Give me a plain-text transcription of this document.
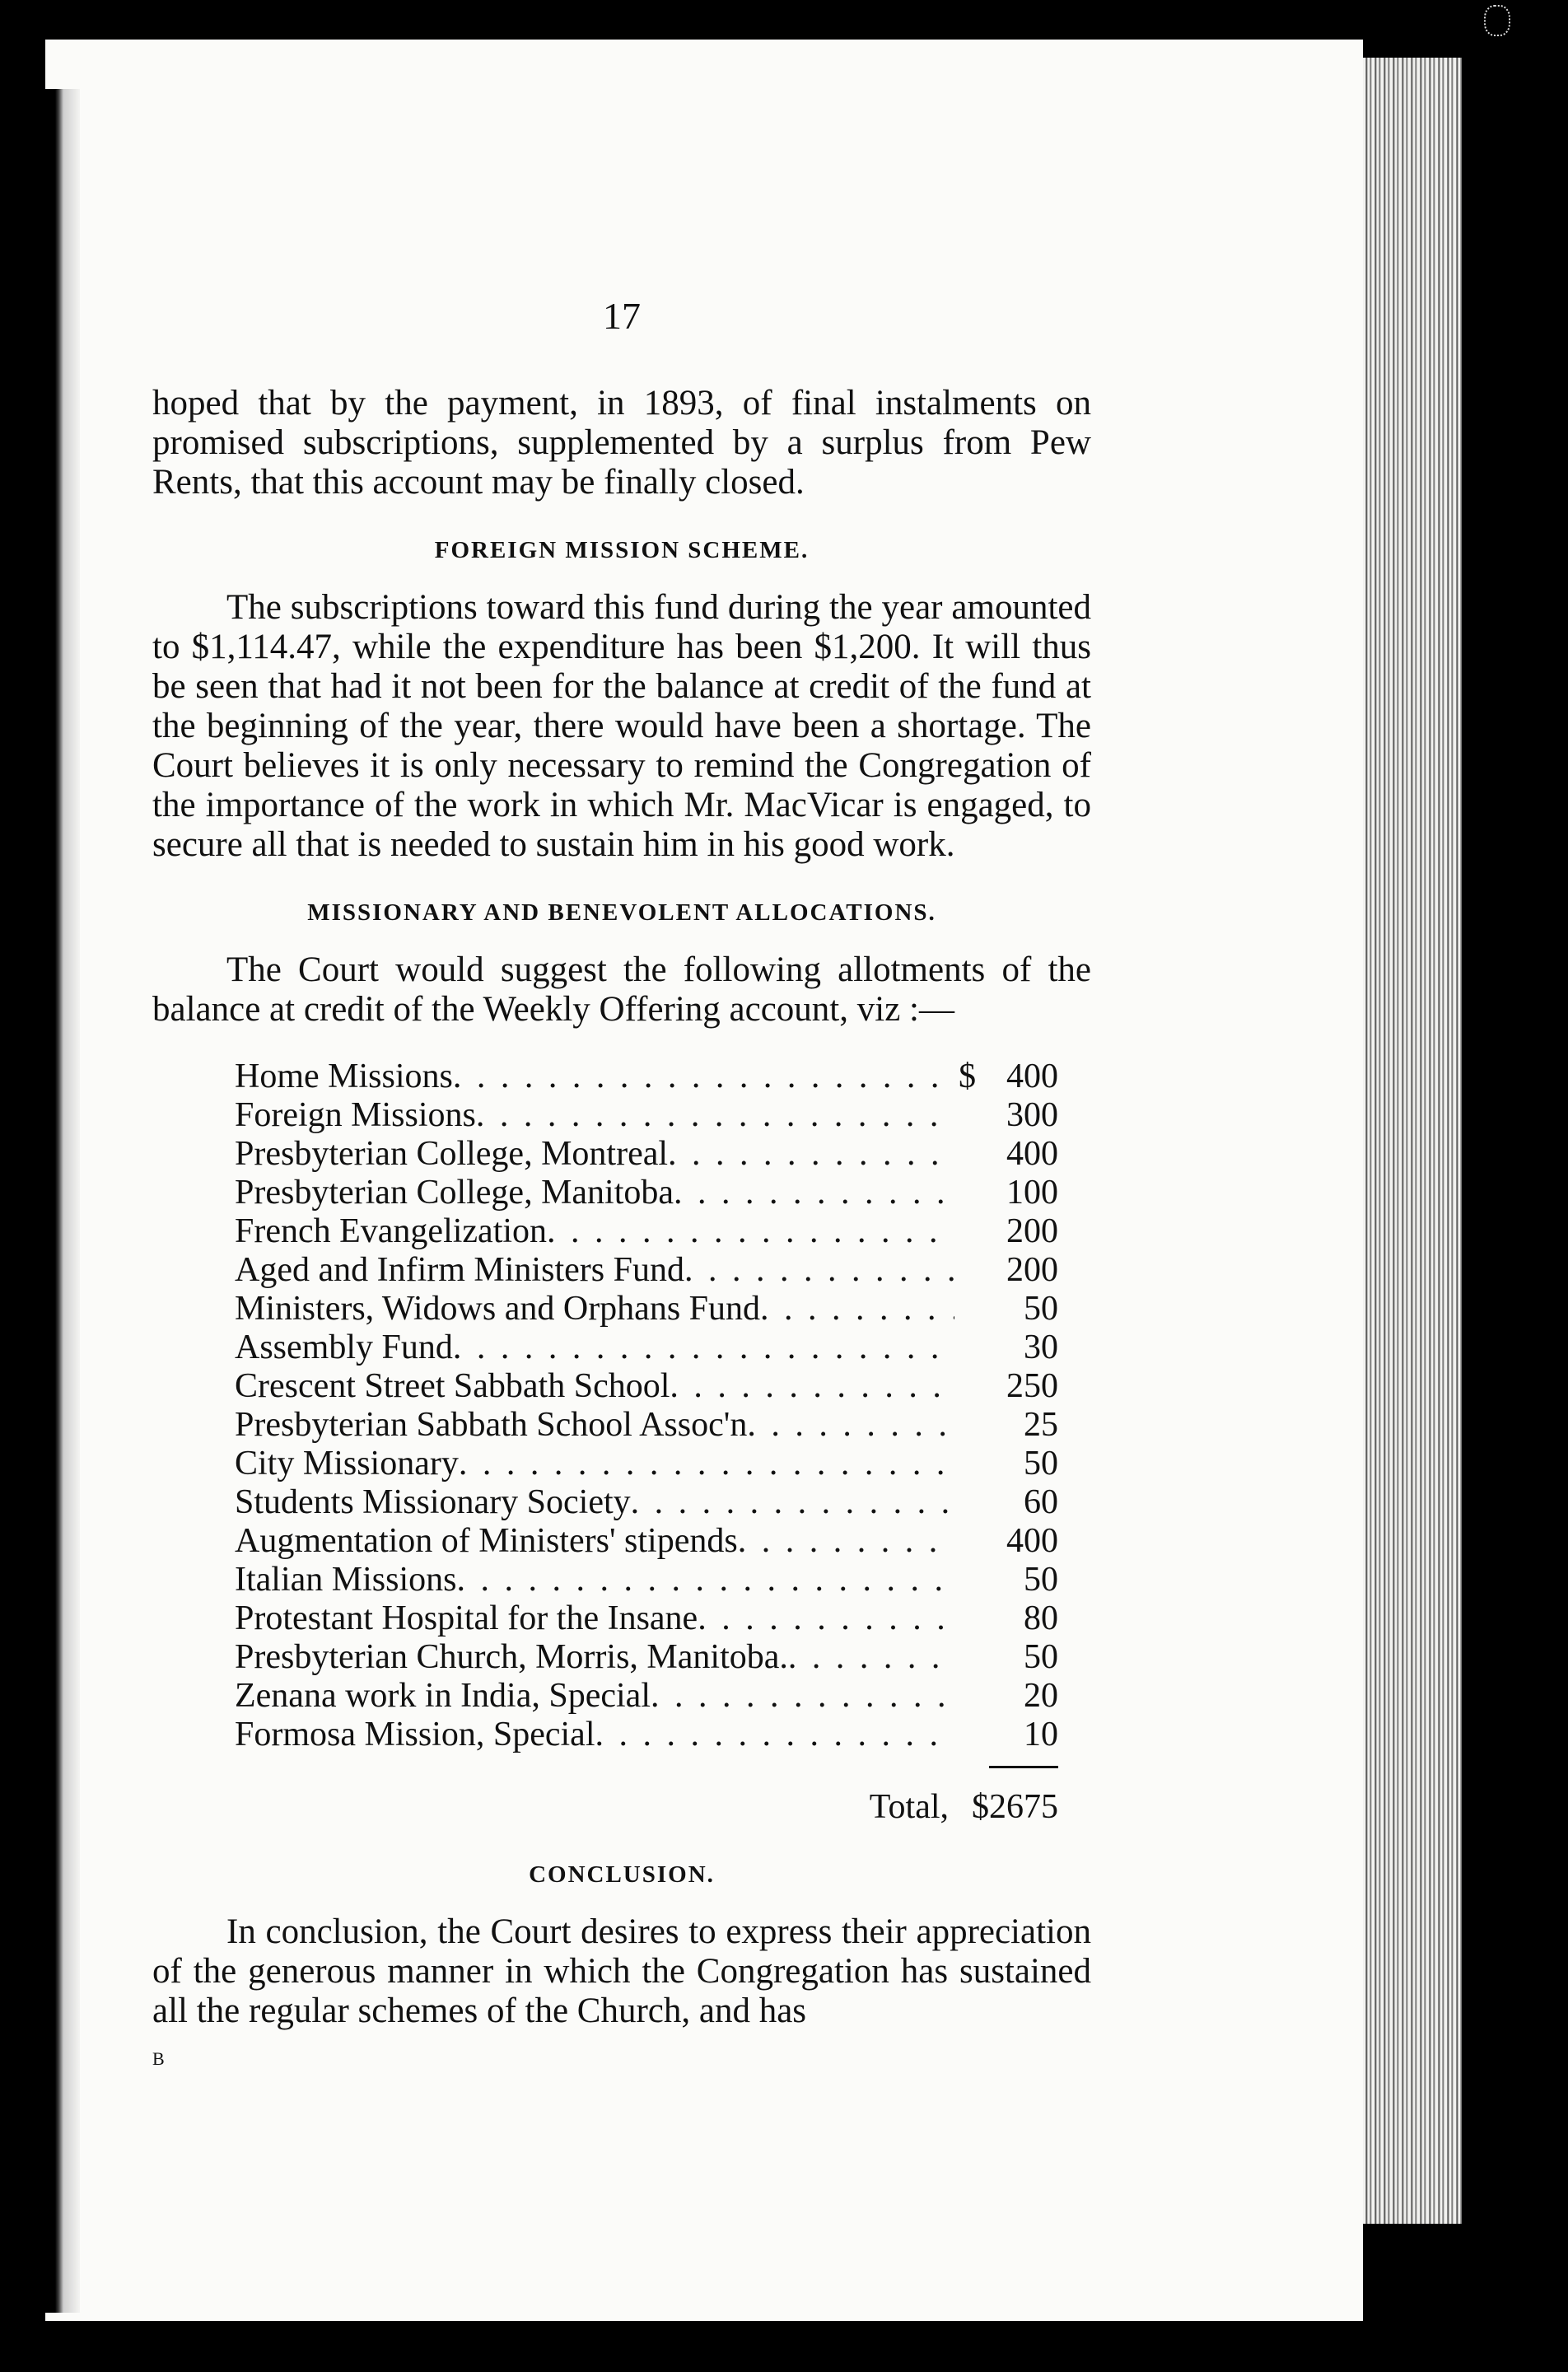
17

hoped that by the payment, in 1893, of final instalments on promised subscriptions, supplemented by a surplus from Pew Rents, that this account may be finally closed.

FOREIGN MISSION SCHEME.

The subscriptions toward this fund during the year amounted to $1,114.47, while the expenditure has been $1,200. It will thus be seen that had it not been for the balance at credit of the fund at the beginning of the year, there would have been a shortage. The Court believes it is only necessary to remind the Congregation of the importance of the work in which Mr. MacVicar is engaged, to secure all that is needed to sustain him in his good work.

MISSIONARY AND BENEVOLENT ALLOCATIONS.

The Court would suggest the following allotments of the balance at credit of the Weekly Offering account, viz :—

Home Missions . . .	$ 400
Foreign Missions . . .	300
Presbyterian College, Montreal . . .	400
Presbyterian College, Manitoba . . .	100
French Evangelization . . .	200
Aged and Infirm Ministers Fund . . .	200
Ministers, Widows and Orphans Fund . . .	50
Assembly Fund . . .	30
Crescent Street Sabbath School . . .	250
Presbyterian Sabbath School Assoc'n . . .	25
City Missionary . . .	50
Students Missionary Society . . .	60
Augmentation of Ministers' stipends . . .	400
Italian Missions . . .	50
Protestant Hospital for the Insane . . .	80
Presbyterian Church, Morris, Manitoba. . . .	50
Zenana work in India, Special . . .	20
Formosa Mission, Special . . .	10
Total, $2675
CONCLUSION.

In conclusion, the Court desires to express their appreciation of the generous manner in which the Congregation has sustained all the regular schemes of the Church, and has

B
